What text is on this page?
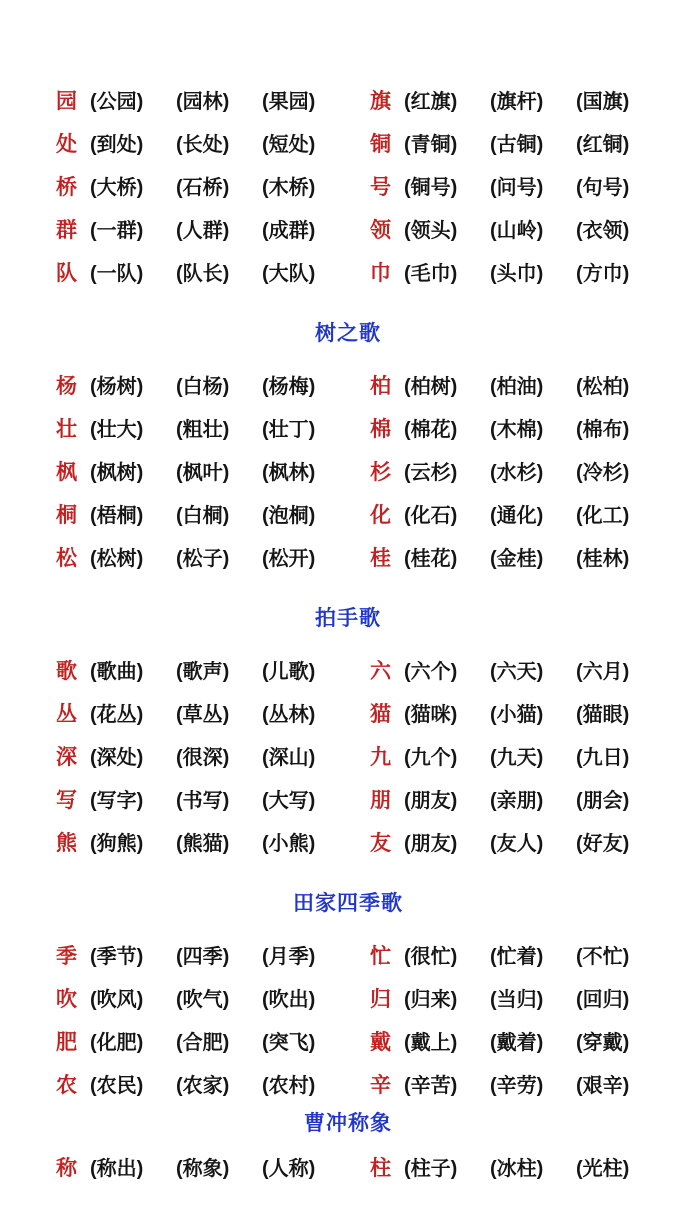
园 (公园)	(园林)	(果园)	旗 (红旗)	(旗杆)	(国旗)
处 (到处)	(长处)	(短处)	铜 (青铜)	(古铜)	(红铜)
桥 (大桥)	(石桥)	(木桥)	号 (铜号)	(问号)	(句号)
群 (一群)	(人群)	(成群)	领 (领头)	(山岭)	(衣领)
队 (一队)	(队长)	(大队)	巾 (毛巾)	(头巾)	(方巾)
树之歌
杨 (杨树)	(白杨)	(杨梅)	柏 (柏树)	(柏油)	(松柏)
壮 (壮大)	(粗壮)	(壮丁)	棉 (棉花)	(木棉)	(棉布)
枫 (枫树)	(枫叶)	(枫林)	杉 (云杉)	(水杉)	(冷杉)
桐 (梧桐)	(白桐)	(泡桐)	化 (化石)	(通化)	(化工)
松 (松树)	(松子)	(松开)	桂 (桂花)	(金桂)	(桂林)
拍手歌
歌 (歌曲)	(歌声)	(儿歌)	六 (六个)	(六天)	(六月)
丛 (花丛)	(草丛)	(丛林)	猫 (猫咪)	(小猫)	(猫眼)
深 (深处)	(很深)	(深山)	九 (九个)	(九天)	(九日)
写 (写字)	(书写)	(大写)	朋 (朋友)	(亲朋)	(朋会)
熊 (狗熊)	(熊猫)	(小熊)	友 (朋友)	(友人)	(好友)
田家四季歌
季 (季节)	(四季)	(月季)	忙 (很忙)	(忙着)	(不忙)
吹 (吹风)	(吹气)	(吹出)	归 (归来)	(当归)	(回归)
肥 (化肥)	(合肥)	(突飞)	戴 (戴上)	(戴着)	(穿戴)
农 (农民)	(农家)	(农村)	辛 (辛苦)	(辛劳)	(艰辛)
曹冲称象
称 (称出)	(称象)	(人称)	柱 (柱子)	(冰柱)	(光柱)
